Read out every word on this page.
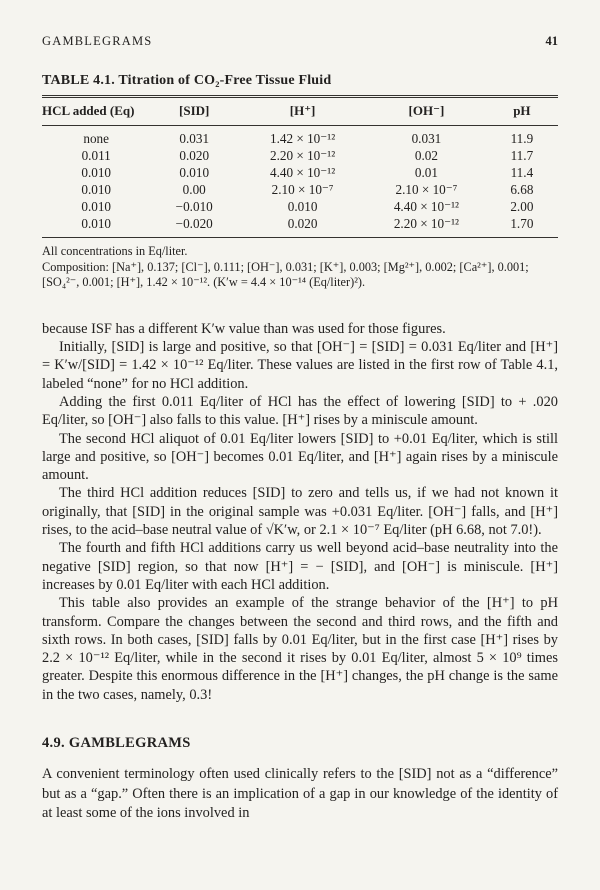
GAMBLEGRAMS	41
TABLE 4.1. Titration of CO₂-Free Tissue Fluid
HCL added (Eq)	[SID]	[H⁺]	[OH⁻]	pH
none	0.031	1.42 × 10⁻¹²	0.031	11.9
0.011	0.020	2.20 × 10⁻¹²	0.02	11.7
0.010	0.010	4.40 × 10⁻¹²	0.01	11.4
0.010	0.00	2.10 × 10⁻⁷	2.10 × 10⁻⁷	6.68
0.010	−0.010	0.010	4.40 × 10⁻¹²	2.00
0.010	−0.020	0.020	2.20 × 10⁻¹²	1.70
All concentrations in Eq/liter.
Composition: [Na⁺], 0.137; [Cl⁻], 0.111; [OH⁻], 0.031; [K⁺], 0.003; [Mg²⁺], 0.002; [Ca²⁺], 0.001; [SO₄²⁻, 0.001; [H⁺], 1.42 × 10⁻¹². (K′w = 4.4 × 10⁻¹⁴ (Eq/liter)²).

because ISF has a different K′w value than was used for those figures.

Initially, [SID] is large and positive, so that [OH⁻] = [SID] = 0.031 Eq/liter and [H⁺] = K′w/[SID] = 1.42 × 10⁻¹² Eq/liter. These values are listed in the first row of Table 4.1, labeled “none” for no HCl addition.

Adding the first 0.011 Eq/liter of HCl has the effect of lowering [SID] to + .020 Eq/liter, so [OH⁻] also falls to this value. [H⁺] rises by a miniscule amount.

The second HCl aliquot of 0.01 Eq/liter lowers [SID] to +0.01 Eq/liter, which is still large and positive, so [OH⁻] becomes 0.01 Eq/liter, and [H⁺] again rises by a miniscule amount.

The third HCl addition reduces [SID] to zero and tells us, if we had not known it originally, that [SID] in the original sample was +0.031 Eq/liter. [OH⁻] falls, and [H⁺] rises, to the acid–base neutral value of √K′w, or 2.1 × 10⁻⁷ Eq/liter (pH 6.68, not 7.0!).

The fourth and fifth HCl additions carry us well beyond acid–base neutrality into the negative [SID] region, so that now [H⁺] = − [SID], and [OH⁻] is miniscule. [H⁺] increases by 0.01 Eq/liter with each HCl addition.

This table also provides an example of the strange behavior of the [H⁺] to pH transform. Compare the changes between the second and third rows, and the fifth and sixth rows. In both cases, [SID] falls by 0.01 Eq/liter, but in the first case [H⁺] rises by 2.2 × 10⁻¹² Eq/liter, while in the second it rises by 0.01 Eq/liter, almost 5 × 10⁹ times greater. Despite this enormous difference in the [H⁺] changes, the pH change is the same in the two cases, namely, 0.3!

4.9. GAMBLEGRAMS

A convenient terminology often used clinically refers to the [SID] not as a “difference” but as a “gap.” Often there is an implication of a gap in our knowledge of the identity of at least some of the ions involved in
